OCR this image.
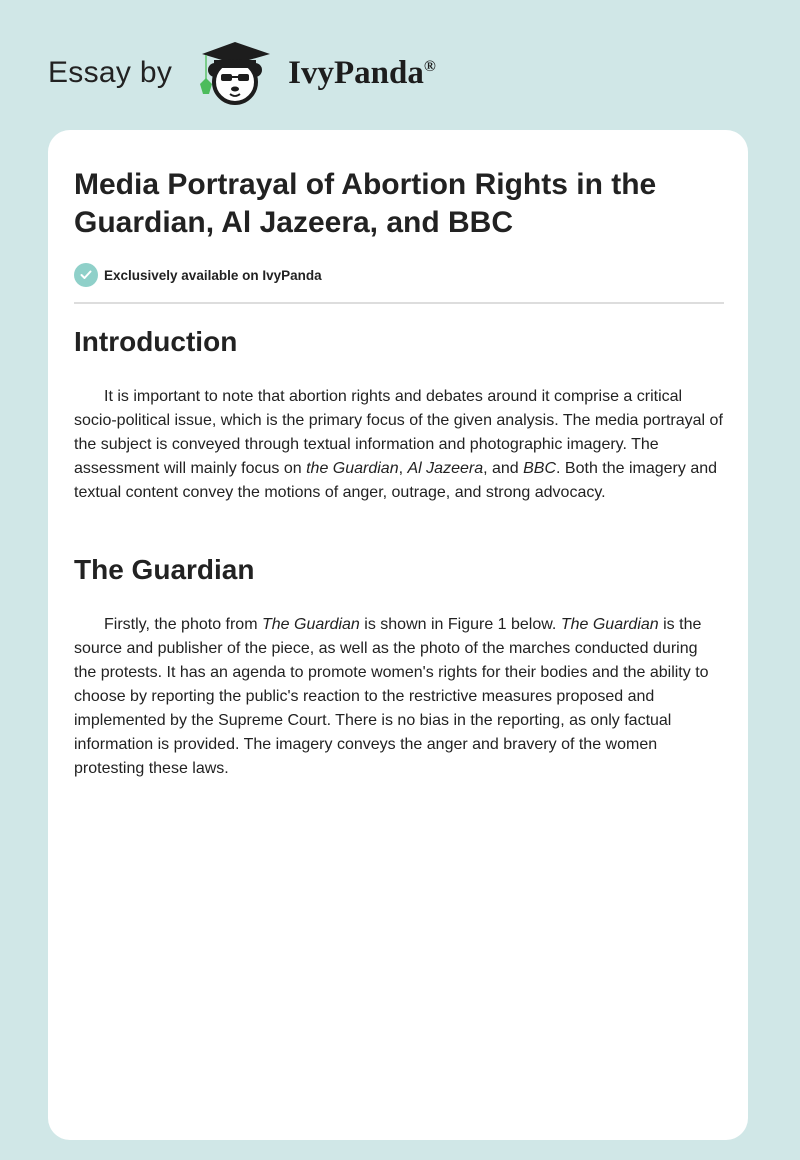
Essay by	IvyPanda®
Media Portrayal of Abortion Rights in the Guardian, Al Jazeera, and BBC
Exclusively available on IvyPanda
Introduction

It is important to note that abortion rights and debates around it comprise a critical socio-political issue, which is the primary focus of the given analysis. The media portrayal of the subject is conveyed through textual information and photographic imagery. The assessment will mainly focus on the Guardian, Al Jazeera, and BBC. Both the imagery and textual content convey the motions of anger, outrage, and strong advocacy.

The Guardian

Firstly, the photo from The Guardian is shown in Figure 1 below. The Guardian is the source and publisher of the piece, as well as the photo of the marches conducted during the protests. It has an agenda to promote women's rights for their bodies and the ability to choose by reporting the public's reaction to the restrictive measures proposed and implemented by the Supreme Court. There is no bias in the reporting, as only factual information is provided. The imagery conveys the anger and bravery of the women protesting these laws.
